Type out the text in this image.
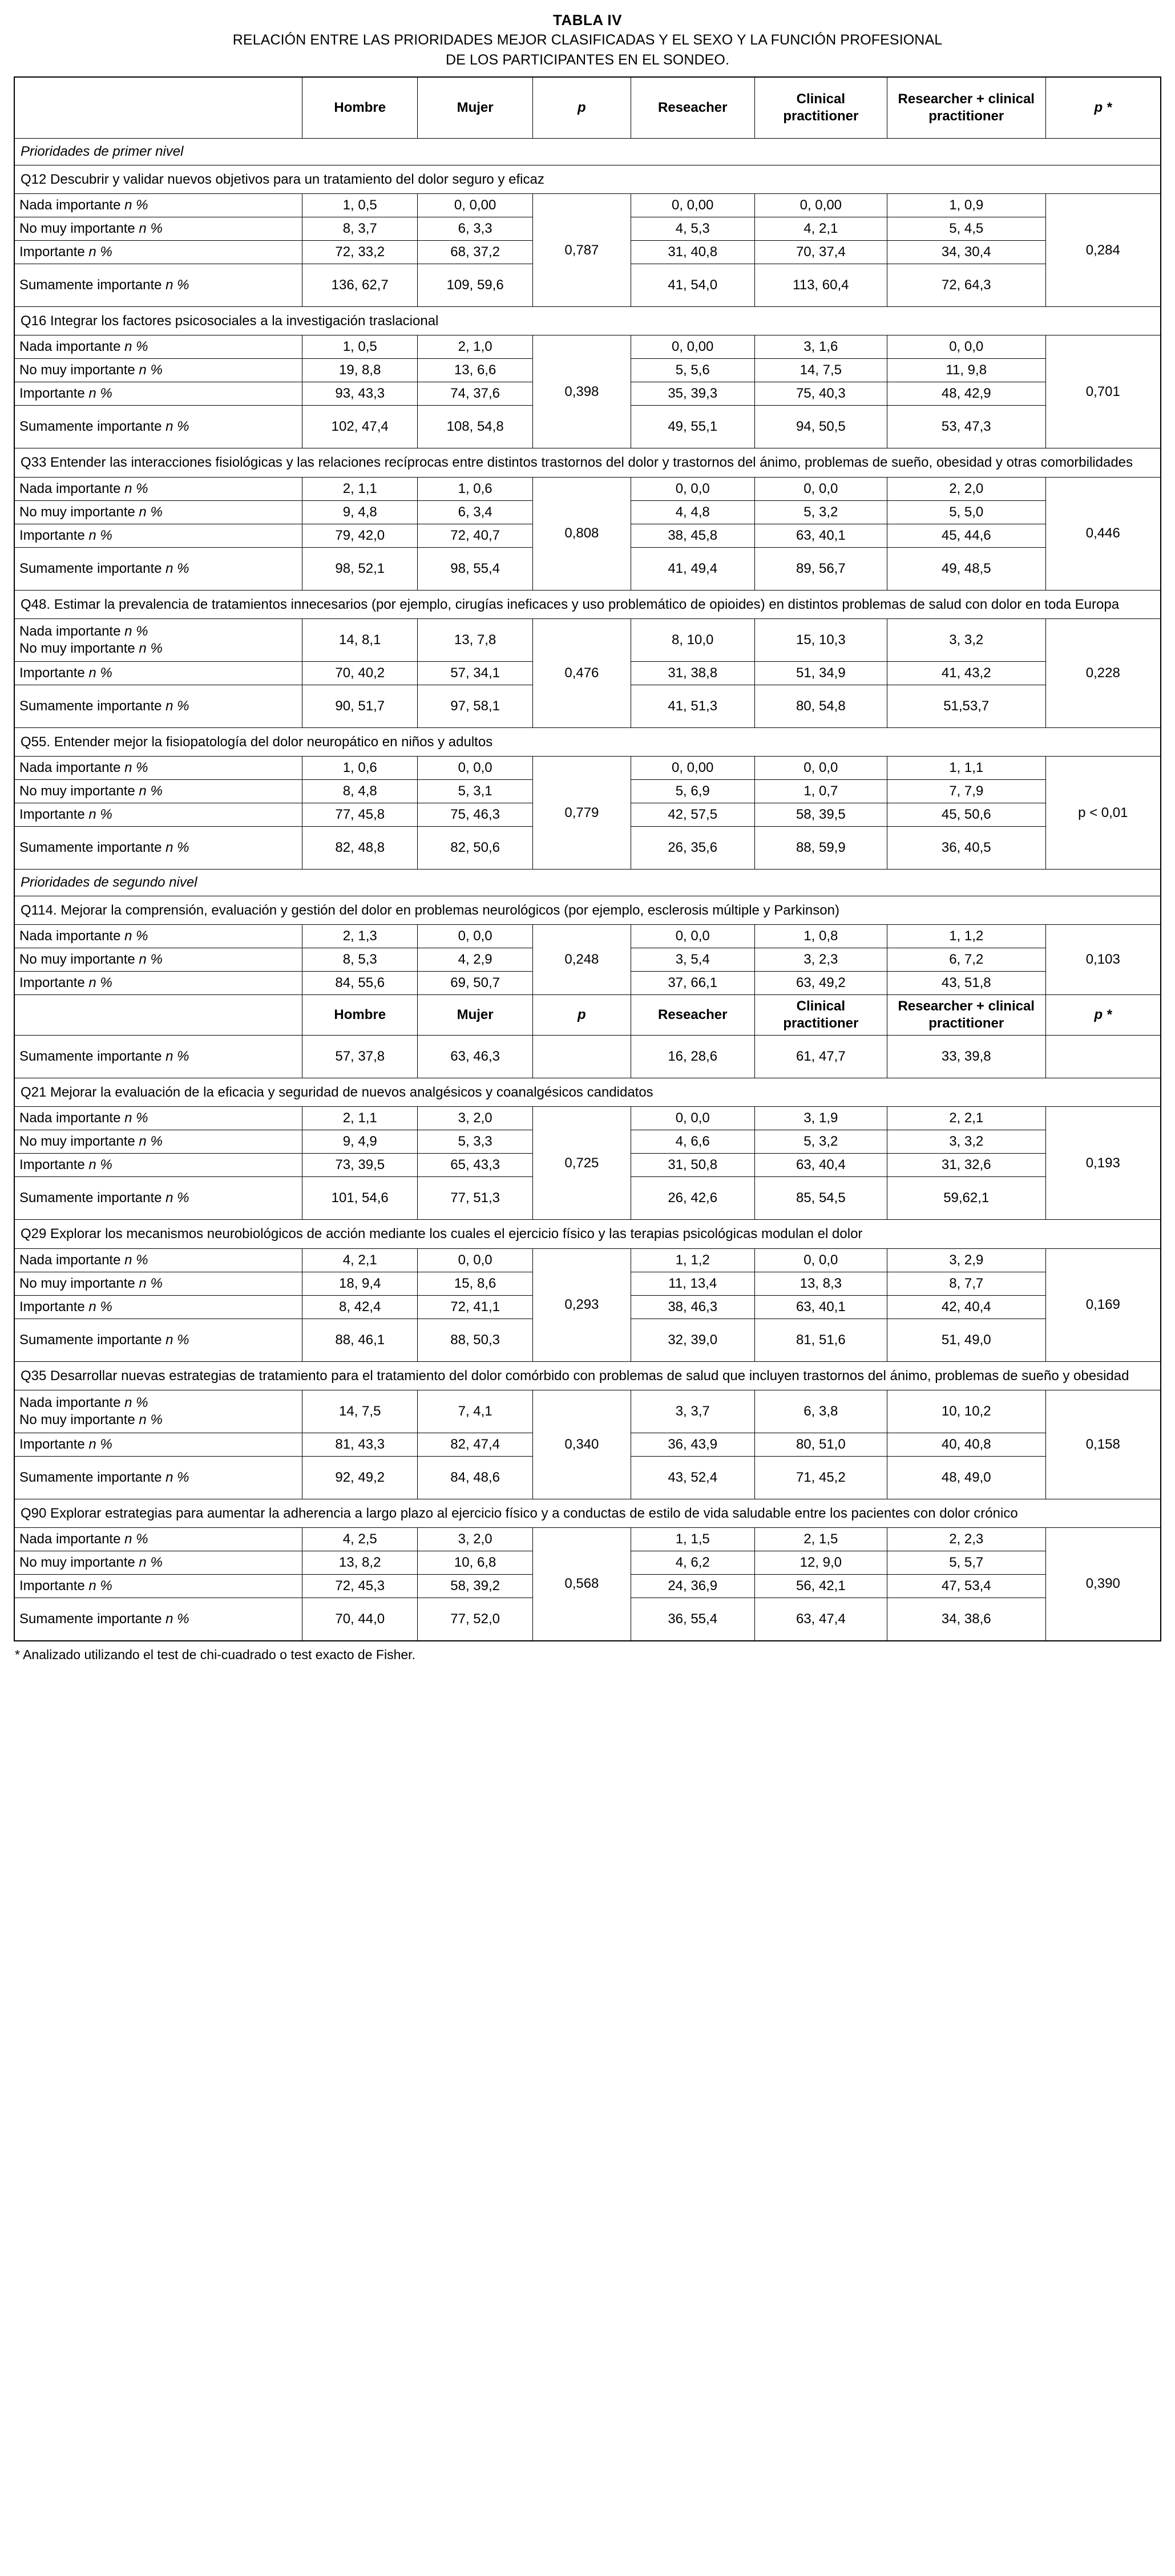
TABLA IV
RELACIÓN ENTRE LAS PRIORIDADES MEJOR CLASIFICADAS Y EL SEXO Y LA FUNCIÓN PROFESIONAL
DE LOS PARTICIPANTES EN EL SONDEO.
	Hombre	Mujer	p	Reseacher	Clinical practitioner	Researcher + clinical practitioner	p *
Prioridades de primer nivel							
Q12 Descubrir y validar nuevos objetivos para un tratamiento del dolor seguro y eficaz							
Nada importante n %	1, 0,5	0, 0,00	0,787	0, 0,00	0, 0,00	1, 0,9	0,284
No muy importante n %	8, 3,7	6, 3,3		4, 5,3	4, 2,1	5, 4,5	
Importante n %	72, 33,2	68, 37,2		31, 40,8	70, 37,4	34, 30,4	
Sumamente importante n %	136, 62,7	109, 59,6		41, 54,0	113, 60,4	72, 64,3	
Q16 Integrar los factores psicosociales a la investigación traslacional							
Nada importante n %	1, 0,5	2, 1,0	0,398	0, 0,00	3, 1,6	0, 0,0	0,701
No muy importante n %	19, 8,8	13, 6,6		5, 5,6	14, 7,5	11, 9,8	
Importante n %	93, 43,3	74, 37,6		35, 39,3	75, 40,3	48, 42,9	
Sumamente importante n %	102, 47,4	108, 54,8		49, 55,1	94, 50,5	53, 47,3	
Q33 Entender las interacciones fisiológicas y las relaciones recíprocas entre distintos trastornos del dolor y trastornos del ánimo, problemas de sueño, obesidad y otras comorbilidades							
Nada importante n %	2, 1,1	1, 0,6	0,808	0, 0,0	0, 0,0	2, 2,0	0,446
No muy importante n %	9, 4,8	6, 3,4		4, 4,8	5, 3,2	5, 5,0	
Importante n %	79, 42,0	72, 40,7		38, 45,8	63, 40,1	45, 44,6	
Sumamente importante n %	98, 52,1	98, 55,4		41, 49,4	89, 56,7	49, 48,5	
Q48. Estimar la prevalencia de tratamientos innecesarios (por ejemplo, cirugías ineficaces y uso problemático de opioides) en distintos problemas de salud con dolor en toda Europa							
Nada importante n %
No muy importante n %	14, 8,1	13, 7,8	0,476	8, 10,0	15, 10,3	3, 3,2	0,228
Importante n %	70, 40,2	57, 34,1		31, 38,8	51, 34,9	41, 43,2	
Sumamente importante n %	90, 51,7	97, 58,1		41, 51,3	80, 54,8	51,53,7	
Q55. Entender mejor la fisiopatología del dolor neuropático en niños y adultos							
Nada importante n %	1, 0,6	0, 0,0	0,779	0, 0,00	0, 0,0	1, 1,1	p < 0,01
No muy importante n %	8, 4,8	5, 3,1		5, 6,9	1, 0,7	7, 7,9	
Importante n %	77, 45,8	75, 46,3		42, 57,5	58, 39,5	45, 50,6	
Sumamente importante n %	82, 48,8	82, 50,6		26, 35,6	88, 59,9	36, 40,5	
Prioridades de segundo nivel							
Q114. Mejorar la comprensión, evaluación y gestión del dolor en problemas neurológicos (por ejemplo, esclerosis múltiple y Parkinson)							
Nada importante n %	2, 1,3	0, 0,0	0,248	0, 0,0	1, 0,8	1, 1,2	0,103
No muy importante n %	8, 5,3	4, 2,9		3, 5,4	3, 2,3	6, 7,2	
Importante n %	84, 55,6	69, 50,7		37, 66,1	63, 49,2	43, 51,8	
	Hombre	Mujer	p	Reseacher	Clinical practitioner	Researcher + clinical practitioner	p *
Sumamente importante n %	57, 37,8	63, 46,3		16, 28,6	61, 47,7	33, 39,8	
Q21 Mejorar la evaluación de la eficacia y seguridad de nuevos analgésicos y coanalgésicos candidatos							
Nada importante n %	2, 1,1	3, 2,0	0,725	0, 0,0	3, 1,9	2, 2,1	0,193
No muy importante n %	9, 4,9	5, 3,3		4, 6,6	5, 3,2	3, 3,2	
Importante n %	73, 39,5	65, 43,3		31, 50,8	63, 40,4	31, 32,6	
Sumamente importante n %	101, 54,6	77, 51,3		26, 42,6	85, 54,5	59,62,1	
Q29 Explorar los mecanismos neurobiológicos de acción mediante los cuales el ejercicio físico y las terapias psicológicas modulan el dolor							
Nada importante n %	4, 2,1	0, 0,0	0,293	1, 1,2	0, 0,0	3, 2,9	0,169
No muy importante n %	18, 9,4	15, 8,6		11, 13,4	13, 8,3	8, 7,7	
Importante n %	8, 42,4	72, 41,1		38, 46,3	63, 40,1	42, 40,4	
Sumamente importante n %	88, 46,1	88, 50,3		32, 39,0	81, 51,6	51, 49,0	
Q35 Desarrollar nuevas estrategias de tratamiento para el tratamiento del dolor comórbido con problemas de salud que incluyen trastornos del ánimo, problemas de sueño y obesidad							
Nada importante n %
No muy importante n %	14, 7,5	7, 4,1	0,340	3, 3,7	6, 3,8	10, 10,2	0,158
Importante n %	81, 43,3	82, 47,4		36, 43,9	80, 51,0	40, 40,8	
Sumamente importante n %	92, 49,2	84, 48,6		43, 52,4	71, 45,2	48, 49,0	
Q90 Explorar estrategias para aumentar la adherencia a largo plazo al ejercicio físico y a conductas de estilo de vida saludable entre los pacientes con dolor crónico							
Nada importante n %	4, 2,5	3, 2,0	0,568	1, 1,5	2, 1,5	2, 2,3	0,390
No muy importante n %	13, 8,2	10, 6,8		4, 6,2	12, 9,0	5, 5,7	
Importante n %	72, 45,3	58, 39,2		24, 36,9	56, 42,1	47, 53,4	
Sumamente importante n %	70, 44,0	77, 52,0		36, 55,4	63, 47,4	34, 38,6	
* Analizado utilizando el test de chi-cuadrado o test exacto de Fisher.
